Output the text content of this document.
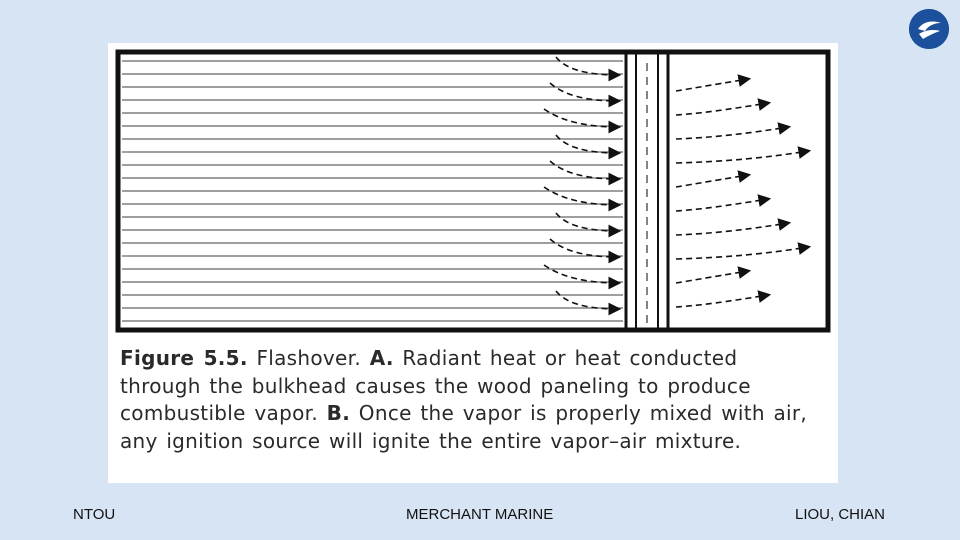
Figure 5.5. Flashover. A. Radiant heat or heat conducted through the bulkhead causes the wood paneling to produce combustible vapor. B. Once the vapor is properly mixed with air, any ignition source will ignite the entire vapor–air mixture.
NTOU	MERCHANT MARINE	LIOU, CHIAN
